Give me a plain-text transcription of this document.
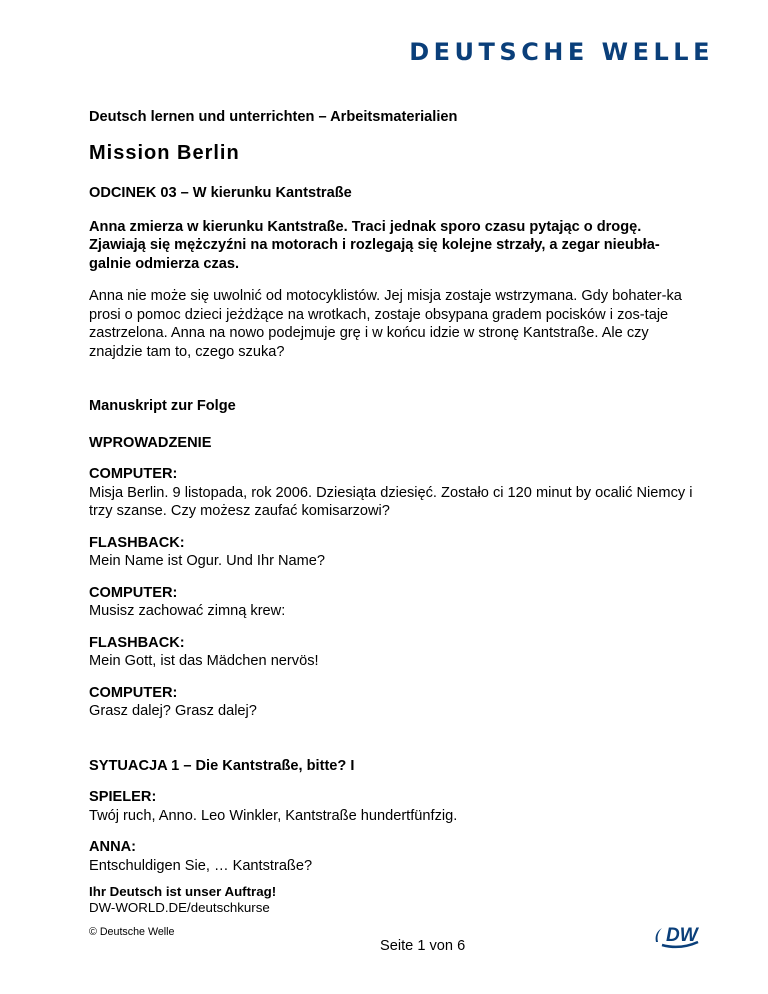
DEUTSCHE WELLE

Deutsch lernen und unterrichten – Arbeitsmaterialien

Mission Berlin

ODCINEK 03 – W kierunku Kantstraße

Anna zmierza w kierunku Kantstraße. Traci jednak sporo czasu pytając o drogę. Zjawiają się mężczyźni na motorach i rozlegają się kolejne strzały, a zegar nieubła-galnie odmierza czas.

Anna nie może się uwolnić od motocyklistów. Jej misja zostaje wstrzymana. Gdy bohater-ka prosi o pomoc dzieci jeżdżące na wrotkach, zostaje obsypana gradem pocisków i zos-taje zastrzelona. Anna na nowo podejmuje grę i w końcu idzie w stronę Kantstraße. Ale czy znajdzie tam to, czego szuka?

Manuskript zur Folge

WPROWADZENIE

COMPUTER:

Misja Berlin. 9 listopada, rok 2006. Dziesiąta dziesięć. Zostało ci 120 minut by ocalić Niemcy i trzy szanse. Czy możesz zaufać komisarzowi?

FLASHBACK:

Mein Name ist Ogur. Und Ihr Name?

COMPUTER:

Musisz zachować zimną krew:

FLASHBACK:

Mein Gott, ist das Mädchen nervös!

COMPUTER:

Grasz dalej? Grasz dalej?

SYTUACJA 1 – Die Kantstraße, bitte? I

SPIELER:

Twój ruch, Anno. Leo Winkler, Kantstraße hundertfünfzig.

ANNA:

Entschuldigen Sie, … Kantstraße?

Ihr Deutsch ist unser Auftrag!
DW-WORLD.DE/deutschkurse
© Deutsche Welle
Seite 1 von 6	DW
